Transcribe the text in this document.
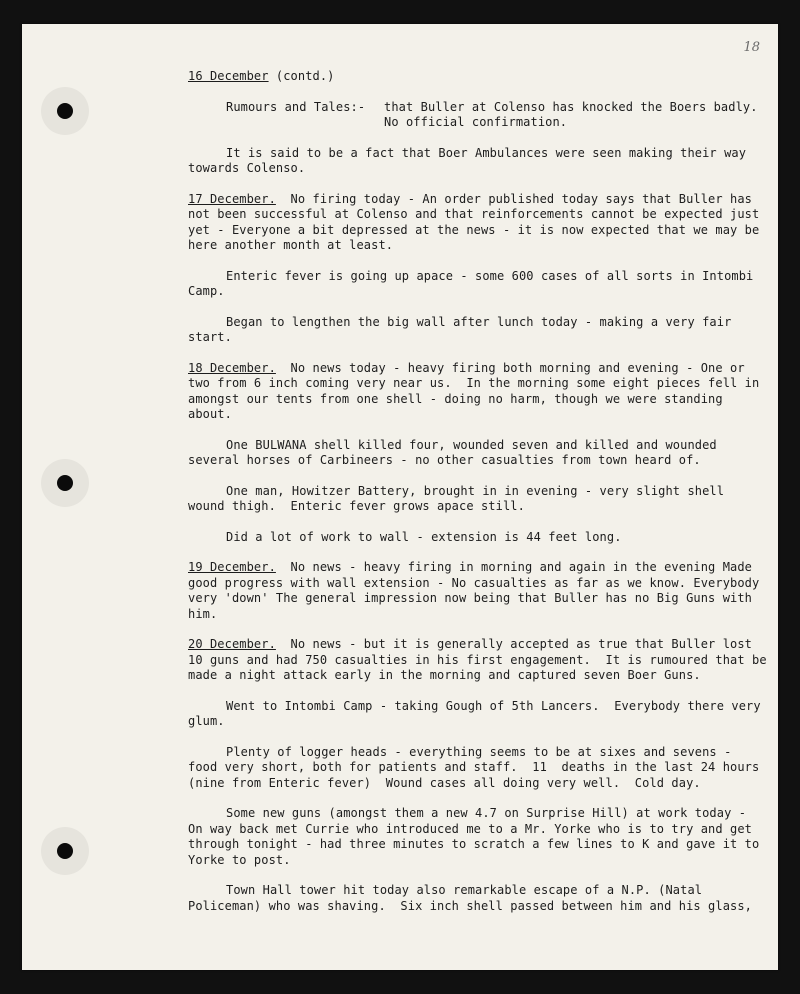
18
16 December (contd.)
Rumours and Tales:-	that Buller at Colenso has knocked the Boers badly. No official confirmation.
It is said to be a fact that Boer Ambulances were seen making their way towards Colenso.
17 December.  No firing today - An order published today says that Buller has not been successful at Colenso and that reinforcements cannot be expected just yet - Everyone a bit depressed at the news - it is now expected that we may be here another month at least.
Enteric fever is going up apace - some 600 cases of all sorts in Intombi Camp.
Began to lengthen the big wall after lunch today - making a very fair start.
18 December.  No news today - heavy firing both morning and evening - One or two from 6 inch coming very near us.  In the morning some eight pieces fell in amongst our tents from one shell - doing no harm, though we were standing about.
One BULWANA shell killed four, wounded seven and killed and wounded several horses of Carbineers - no other casualties from town heard of.
One man, Howitzer Battery, brought in in evening - very slight shell wound thigh.  Enteric fever grows apace still.
Did a lot of work to wall - extension is 44 feet long.
19 December.  No news - heavy firing in morning and again in the evening Made good progress with wall extension - No casualties as far as we know. Everybody very 'down' The general impression now being that Buller has no Big Guns with him.
20 December.  No news - but it is generally accepted as true that Buller lost 10 guns and had 750 casualties in his first engagement.  It is rumoured that be made a night attack early in the morning and captured seven Boer Guns.
Went to Intombi Camp - taking Gough of 5th Lancers.  Everybody there very glum.
Plenty of logger heads - everything seems to be at sixes and sevens - food very short, both for patients and staff.  11  deaths in the last 24 hours (nine from Enteric fever)  Wound cases all doing very well.  Cold day.
Some new guns (amongst them a new 4.7 on Surprise Hill) at work today - On way back met Currie who introduced me to a Mr. Yorke who is to try and get through tonight - had three minutes to scratch a few lines to K and gave it to Yorke to post.
Town Hall tower hit today also remarkable escape of a N.P. (Natal Policeman) who was shaving.  Six inch shell passed between him and his glass,
